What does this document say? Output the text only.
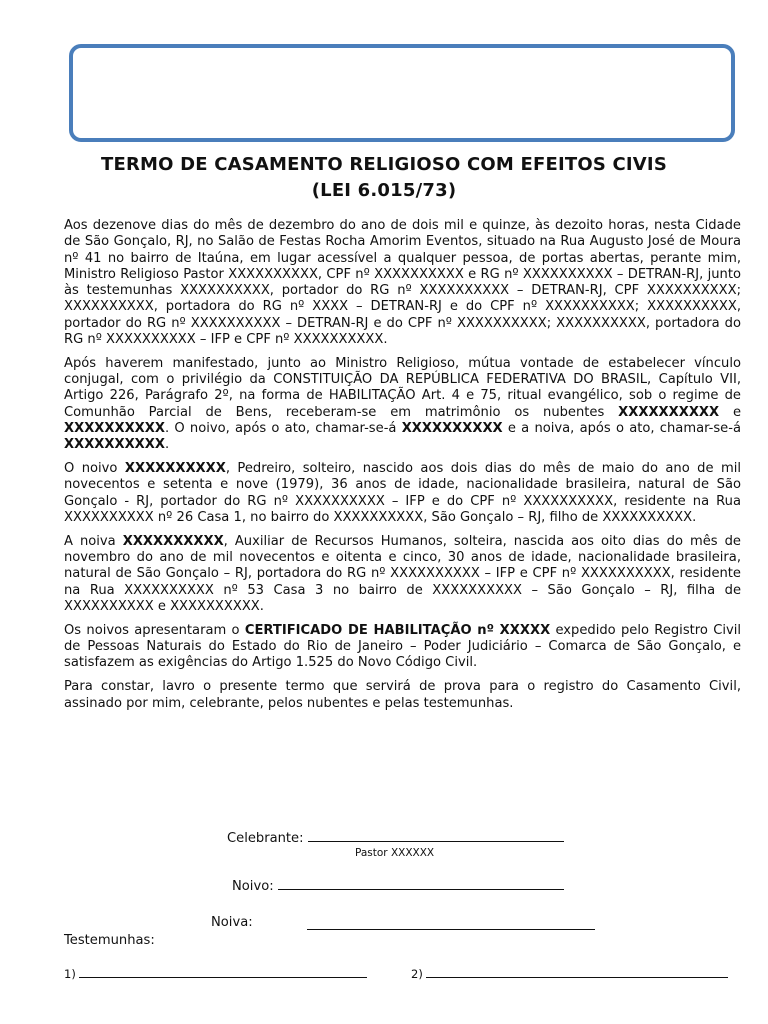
TERMO DE CASAMENTO RELIGIOSO COM EFEITOS CIVIS
(LEI 6.015/73)

Aos dezenove dias do mês de dezembro do ano de dois mil e quinze, às dezoito horas, nesta Cidade de São Gonçalo, RJ, no Salão de Festas Rocha Amorim Eventos, situado na Rua Augusto José de Moura nº 41 no bairro de Itaúna, em lugar acessível a qualquer pessoa, de portas abertas, perante mim, Ministro Religioso Pastor XXXXXXXXXX, CPF nº XXXXXXXXXX e RG nº XXXXXXXXXX – DETRAN-RJ, junto às testemunhas XXXXXXXXXX, portador do RG nº XXXXXXXXXX – DETRAN-RJ, CPF XXXXXXXXXX; XXXXXXXXXX, portadora do RG nº XXXX – DETRAN-RJ e do CPF nº XXXXXXXXXX; XXXXXXXXXX, portador do RG nº XXXXXXXXXX – DETRAN-RJ e do CPF nº XXXXXXXXXX; XXXXXXXXXX, portadora do RG nº XXXXXXXXXX – IFP e CPF nº XXXXXXXXXX.

Após haverem manifestado, junto ao Ministro Religioso, mútua vontade de estabelecer vínculo conjugal, com o privilégio da CONSTITUIÇÃO DA REPÚBLICA FEDERATIVA DO BRASIL, Capítulo VII, Artigo 226, Parágrafo 2º, na forma de HABILITAÇÃO Art. 4 e 75, ritual evangélico, sob o regime de Comunhão Parcial de Bens, receberam-se em matrimônio os nubentes XXXXXXXXXX e XXXXXXXXXX. O noivo, após o ato, chamar-se-á XXXXXXXXXX e a noiva, após o ato, chamar-se-á XXXXXXXXXX.

O noivo XXXXXXXXXX, Pedreiro, solteiro, nascido aos dois dias do mês de maio do ano de mil novecentos e setenta e nove (1979), 36 anos de idade, nacionalidade brasileira, natural de São Gonçalo - RJ, portador do RG nº XXXXXXXXXX – IFP e do CPF nº XXXXXXXXXX, residente na Rua XXXXXXXXXX nº 26 Casa 1, no bairro do XXXXXXXXXX, São Gonçalo – RJ, filho de XXXXXXXXXX.

A noiva XXXXXXXXXX, Auxiliar de Recursos Humanos, solteira, nascida aos oito dias do mês de novembro do ano de mil novecentos e oitenta e cinco, 30 anos de idade, nacionalidade brasileira, natural de São Gonçalo – RJ, portadora do RG nº XXXXXXXXXX – IFP e CPF nº XXXXXXXXXX, residente na Rua XXXXXXXXXX nº 53 Casa 3 no bairro de XXXXXXXXXX – São Gonçalo – RJ, filha de XXXXXXXXXX e XXXXXXXXXX.

Os noivos apresentaram o CERTIFICADO DE HABILITAÇÃO nº XXXXX expedido pelo Registro Civil de Pessoas Naturais do Estado do Rio de Janeiro – Poder Judiciário – Comarca de São Gonçalo, e satisfazem as exigências do Artigo 1.525 do Novo Código Civil.

Para constar, lavro o presente termo que servirá de prova para o registro do Casamento Civil, assinado por mim, celebrante, pelos nubentes e pelas testemunhas.

Celebrante:
Pastor XXXXXX
Noivo:
Noiva:
Testemunhas:
1)	2)
